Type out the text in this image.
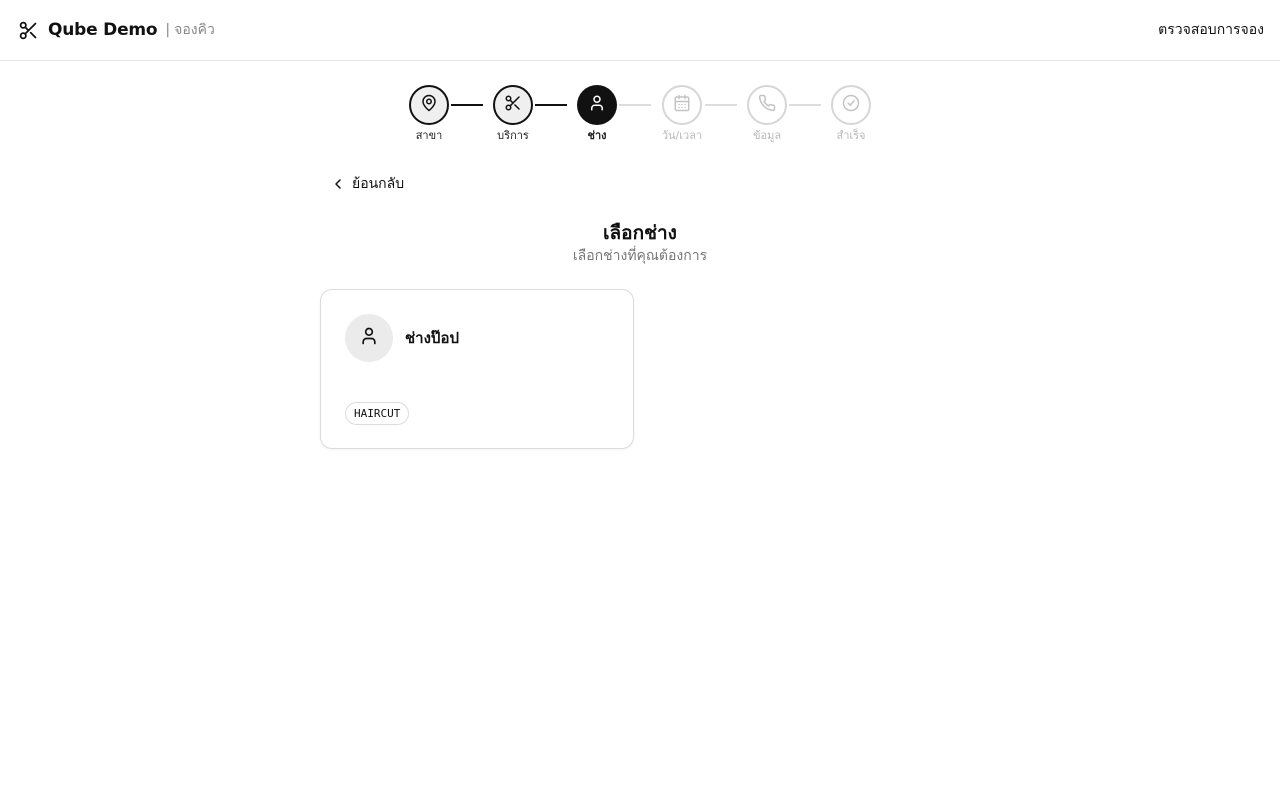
Qube Demo | จองคิว	ตรวจสอบการจอง
สาขา	บริการ	ช่าง	วัน/เวลา	ข้อมูล	สำเร็จ
ย้อนกลับ
เลือกช่าง
เลือกช่างที่คุณต้องการ
ช่างป๊อป
HAIRCUT
